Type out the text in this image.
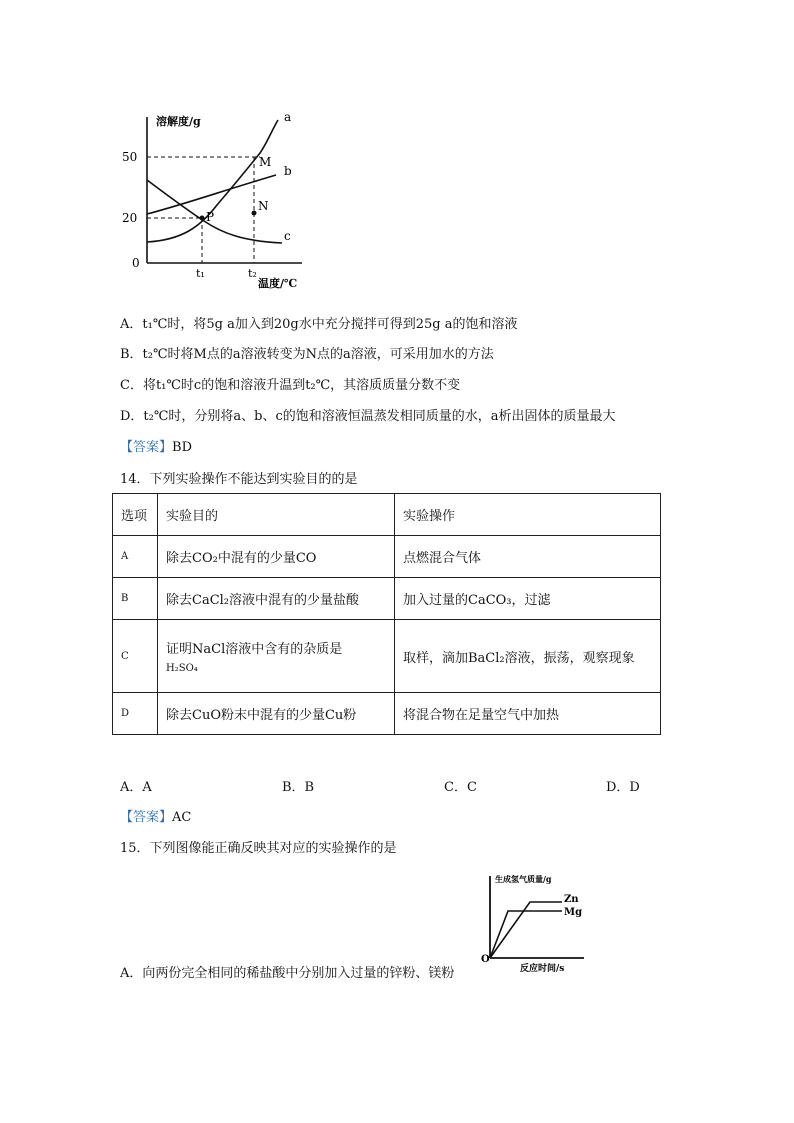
溶解度/g
50
20
0
t₁	t₂
温度/℃
a
b
c
M
N
P
A．t₁℃时，将5g a加入到20g水中充分搅拌可得到25g a的饱和溶液
B．t₂℃时将M点的a溶液转变为N点的a溶液，可采用加水的方法
C．将t₁℃时c的饱和溶液升温到t₂℃，其溶质质量分数不变
D．t₂℃时，分别将a、b、c的饱和溶液恒温蒸发相同质量的水，a析出固体的质量最大
【答案】BD
14．下列实验操作不能达到实验目的的是
选项	实验目的	实验操作
A	除去CO₂中混有的少量CO	点燃混合气体
B	除去CaCl₂溶液中混有的少量盐酸	加入过量的CaCO₃，过滤
C	证明NaCl溶液中含有的杂质是
H₂SO₄	取样，滴加BaCl₂溶液，振荡，观察现象
D	除去CuO粉末中混有的少量Cu粉	将混合物在足量空气中加热
A．A	B．B	C．C	D．D
【答案】AC
15．下列图像能正确反映其对应的实验操作的是
A．向两份完全相同的稀盐酸中分别加入过量的锌粉、镁粉
生成氢气质量/g
Zn
Mg
O
反应时间/s
